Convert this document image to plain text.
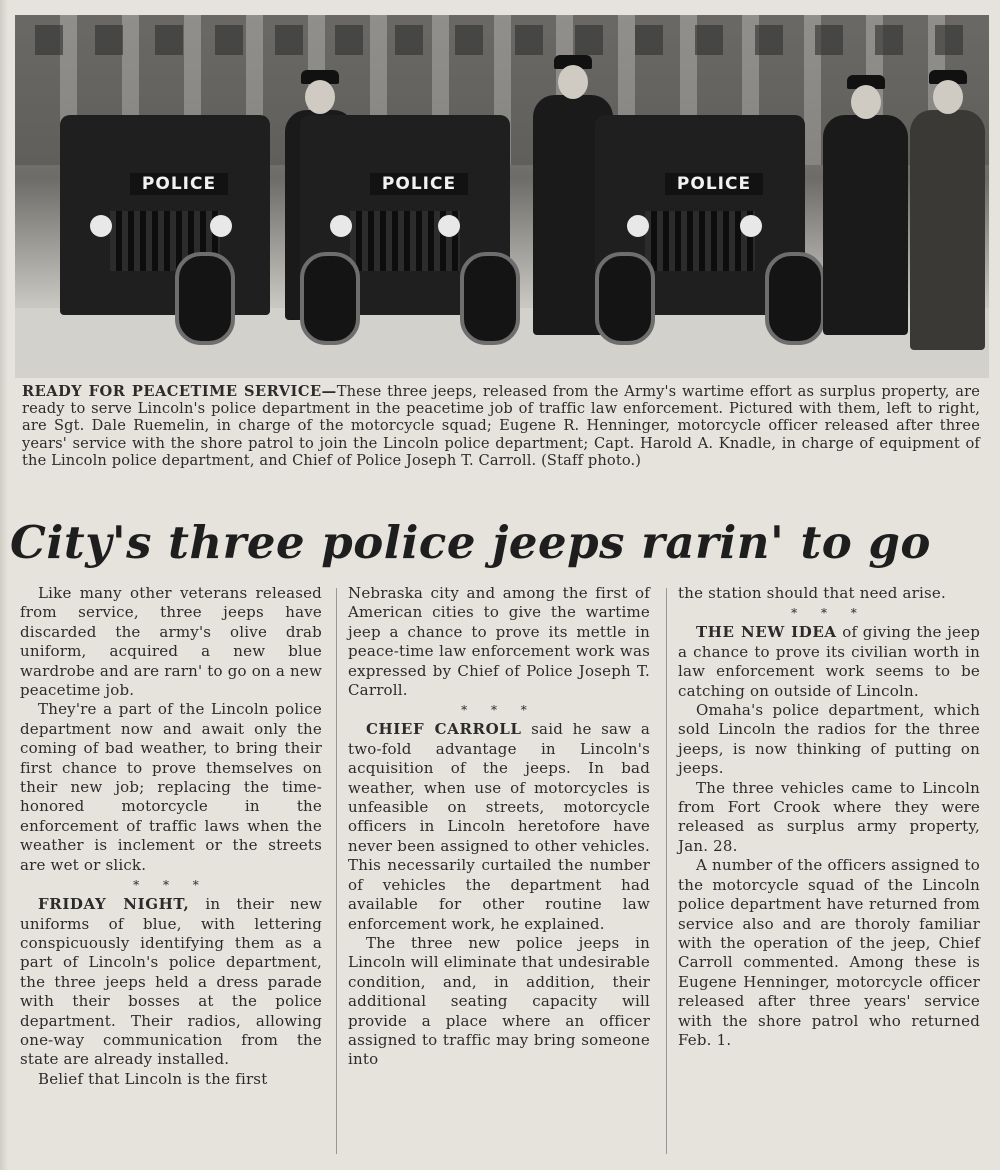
POLICE	POLICE	POLICE
READY FOR PEACETIME SERVICE—These three jeeps, released from the Army's wartime effort as surplus property, are ready to serve Lincoln's police department in the peacetime job of traffic law enforcement. Pictured with them, left to right, are Sgt. Dale Ruemelin, in charge of the motorcycle squad; Eugene R. Henninger, motorcycle officer released after three years' service with the shore patrol to join the Lincoln police department; Capt. Harold A. Knadle, in charge of equipment of the Lincoln police department, and Chief of Police Joseph T. Carroll. (Staff photo.)
City's three police jeeps rarin' to go

Like many other veterans released from service, three jeeps have discarded the army's olive drab uniform, acquired a new blue wardrobe and are rarn' to go on a new peacetime job.

They're a part of the Lincoln police department now and await only the coming of bad weather, to bring their first chance to prove themselves on their new job; replacing the time-honored motorcycle in the enforcement of traffic laws when the weather is inclement or the streets are wet or slick.

* * *

FRIDAY NIGHT, in their new uniforms of blue, with lettering conspicuously identifying them as a part of Lincoln's police department, the three jeeps held a dress parade with their bosses at the police department. Their radios, allowing one-way communication from the state are already installed.

Belief that Lincoln is the first

Nebraska city and among the first of American cities to give the wartime jeep a chance to prove its mettle in peace-time law enforcement work was expressed by Chief of Police Joseph T. Carroll.

* * *

CHIEF CARROLL said he saw a two-fold advantage in Lincoln's acquisition of the jeeps. In bad weather, when use of motorcycles is unfeasible on streets, motorcycle officers in Lincoln heretofore have never been assigned to other vehicles. This necessarily curtailed the number of vehicles the department had available for other routine law enforcement work, he explained.

The three new police jeeps in Lincoln will eliminate that undesirable condition, and, in addition, their additional seating capacity will provide a place where an officer assigned to traffic may bring someone into

the station should that need arise.

* * *

THE NEW IDEA of giving the jeep a chance to prove its civilian worth in law enforcement work seems to be catching on outside of Lincoln.

Omaha's police department, which sold Lincoln the radios for the three jeeps, is now thinking of putting on jeeps.

The three vehicles came to Lincoln from Fort Crook where they were released as surplus army property, Jan. 28.

A number of the officers assigned to the motorcycle squad of the Lincoln police department have returned from service also and are thoroly familiar with the operation of the jeep, Chief Carroll commented. Among these is Eugene Henninger, motorcycle officer released after three years' service with the shore patrol who returned Feb. 1.
